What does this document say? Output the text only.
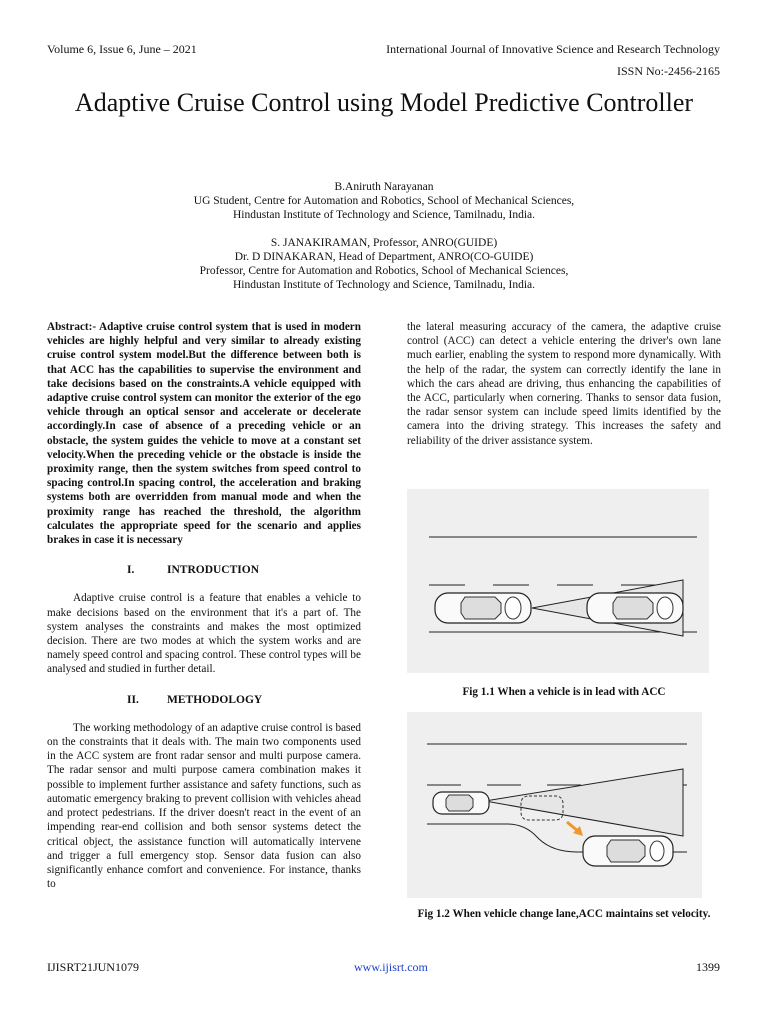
Volume 6, Issue 6, June – 2021	International Journal of Innovative Science and Research Technology
ISSN No:-2456-2165
Adaptive Cruise Control using Model Predictive Controller
B.Aniruth Narayanan
UG Student, Centre for Automation and Robotics, School of Mechanical Sciences,
Hindustan Institute of Technology and Science, Tamilnadu, India.
S. JANAKIRAMAN, Professor, ANRO(GUIDE)
Dr. D DINAKARAN, Head of Department, ANRO(CO-GUIDE)
Professor, Centre for Automation and Robotics, School of Mechanical Sciences,
Hindustan Institute of Technology and Science, Tamilnadu, India.

Abstract:- Adaptive cruise control system that is used in modern vehicles are highly helpful and very similar to already existing cruise control system model.But the difference between both is that ACC has the capabilities to supervise the environment and take decisions based on the constraints.A vehicle equipped with adaptive cruise control system can monitor the exterior of the ego vehicle through an optical sensor and accelerate or decelerate accordingly.In case of absence of a preceding vehicle or an obstacle, the system guides the vehicle to move at a constant set velocity.When the preceding vehicle or the obstacle is inside the proximity range, then the system switches from speed control to spacing control.In spacing control, the acceleration and braking systems both are overridden from manual mode and when the proximity range has reached the threshold, the algorithm calculates the appropriate speed for the scenario and applies brakes in case it is necessary

I.	INTRODUCTION

Adaptive cruise control is a feature that enables a vehicle to make decisions based on the environment that it's a part of. The system analyses the constraints and makes the most optimized decision. There are two modes at which the system works and are namely speed control and spacing control. These control types will be analysed and studied in further detail.

II.	METHODOLOGY

The working methodology of an adaptive cruise control is based on the constraints that it deals with. The main two components used in the ACC system are front radar sensor and multi purpose camera. The radar sensor and multi purpose camera combination makes it possible to implement further assistance and safety functions, such as automatic emergency braking to prevent collision with vehicles ahead and protect pedestrians. If the driver doesn't react in the event of an impending rear-end collision and both sensor systems detect the critical object, the assistance function will automatically intervene and trigger a full emergency stop. Sensor data fusion can also significantly enhance comfort and convenience. For instance, thanks to

the lateral measuring accuracy of the camera, the adaptive cruise control (ACC) can detect a vehicle entering the driver's own lane much earlier, enabling the system to respond more dynamically. With the help of the radar, the system can correctly identify the lane in which the cars ahead are driving, thus enhancing the capabilities of the ACC, particularly when cornering. Thanks to sensor data fusion, the radar sensor system can include speed limits identified by the camera into the driving strategy. This increases the safety and reliability of the driver assistance system.

Fig 1.1 When a vehicle is in lead with ACC
Fig 1.2 When vehicle change lane,ACC maintains set velocity.
IJISRT21JUN1079	www.ijisrt.com	1399
